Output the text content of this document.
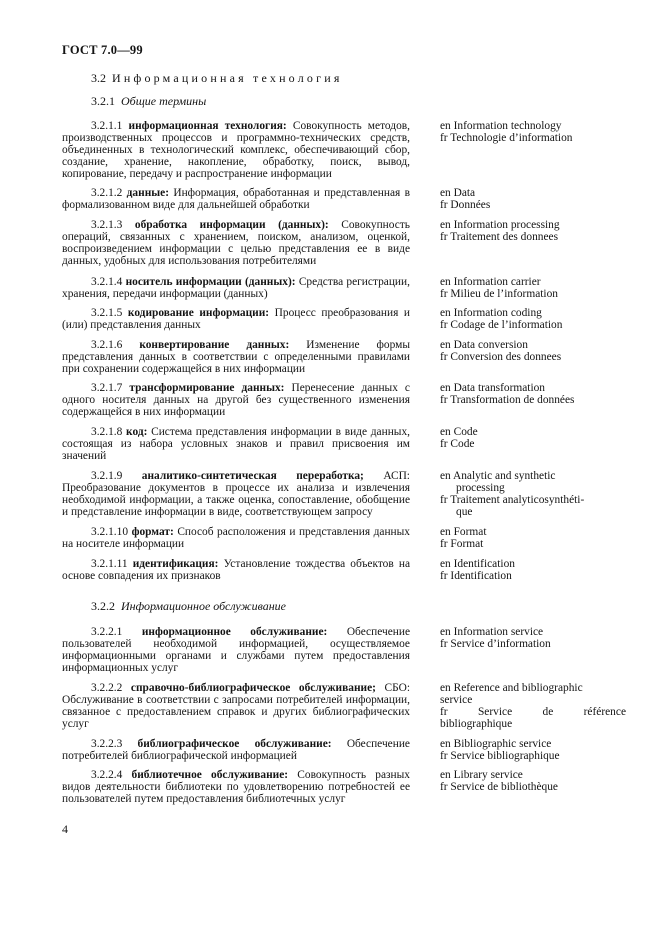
ГОСТ 7.0—99
3.2 Информационная технология
3.2.1 Общие термины
3.2.1.1 информационная технология: Совокупность методов, производственных процессов и программно-технических средств, объединенных в технологический комплекс, обеспечивающий сбор, создание, хранение, накопление, обработку, поиск, вывод, копирование, передачу и распространение информации
en Information technology
fr Technologie d’information
3.2.1.2 данные: Информация, обработанная и представленная в формализованном виде для дальнейшей обработки
en Data
fr Données
3.2.1.3 обработка информации (данных): Совокупность операций, связанных с хранением, поиском, анализом, оценкой, воспроизведением информации с целью представления ее в виде данных, удобных для использования потребителями
en Information processing
fr Traitement des donnees
3.2.1.4 носитель информации (данных): Средства регистрации, хранения, передачи информации (данных)
en Information carrier
fr Milieu de l’information
3.2.1.5 кодирование информации: Процесс преобразования и (или) представления данных
en Information coding
fr Codage de l’information
3.2.1.6 конвертирование данных: Изменение формы представления данных в соответствии с определенными правилами при сохранении содержащейся в них информации
en Data conversion
fr Conversion des donnees
3.2.1.7 трансформирование данных: Перенесение данных с одного носителя данных на другой без существенного изменения содержащейся в них информации
en Data transformation
fr Transformation de données
3.2.1.8 код: Система представления информации в виде данных, состоящая из набора условных знаков и правил присвоения им значений
en Code
fr Code
3.2.1.9 аналитико-синтетическая переработка; АСП: Преобразование документов в процессе их анализа и извлечения необходимой информации, а также оценка, сопоставление, обобщение и представление информации в виде, соответствующем запросу
en Analytic and synthetic
processing
fr Traitement analyticosynthéti-
que
3.2.1.10 формат: Способ расположения и представления данных на носителе информации
en Format
fr Format
3.2.1.11 идентификация: Установление тождества объектов на основе совпадения их признаков
en Identification
fr Identification
3.2.2 Информационное обслуживание
3.2.2.1 информационное обслуживание: Обеспечение пользователей необходимой информацией, осуществляемое информационными органами и службами путем предоставления информационных услуг
en Information service
fr Service d’information
3.2.2.2 справочно-библиографическое обслуживание; СБО: Обслуживание в соответствии с запросами потребителей информации, связанное с предоставлением справок и других библиографических услуг
en Reference and bibliographic
service
fr	Service	de	référence
bibliographique
3.2.2.3 библиографическое обслуживание: Обеспечение потребителей библиографической информацией
en Bibliographic service
fr Service bibliographique
3.2.2.4 библиотечное обслуживание: Совокупность разных видов деятельности библиотеки по удовлетворению потребностей ее пользователей путем предоставления библиотечных услуг
en Library service
fr Service de bibliothèque
4
